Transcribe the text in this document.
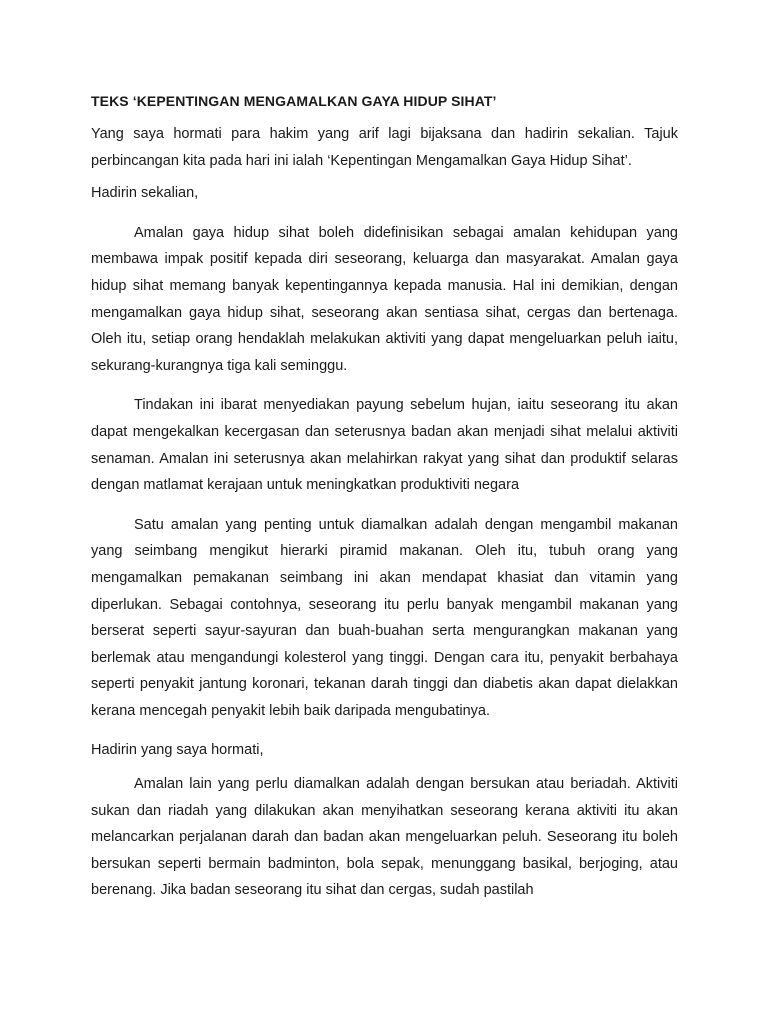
TEKS ‘KEPENTINGAN MENGAMALKAN GAYA HIDUP SIHAT’

Yang saya hormati para hakim yang arif lagi bijaksana dan hadirin sekalian. Tajuk perbincangan kita pada hari ini ialah ‘Kepentingan Mengamalkan Gaya Hidup Sihat’.

Hadirin sekalian,

Amalan gaya hidup sihat boleh didefinisikan sebagai amalan kehidupan yang membawa impak positif kepada diri seseorang, keluarga dan masyarakat. Amalan gaya hidup sihat memang banyak kepentingannya kepada manusia. Hal ini demikian, dengan mengamalkan gaya hidup sihat, seseorang akan sentiasa sihat, cergas dan bertenaga. Oleh itu, setiap orang hendaklah melakukan aktiviti yang dapat mengeluarkan peluh iaitu, sekurang-kurangnya tiga kali seminggu.

Tindakan ini ibarat menyediakan payung sebelum hujan, iaitu seseorang itu akan dapat mengekalkan kecergasan dan seterusnya badan akan menjadi sihat melalui aktiviti senaman. Amalan ini seterusnya akan melahirkan rakyat yang sihat dan produktif selaras dengan matlamat kerajaan untuk meningkatkan produktiviti negara

Satu amalan yang penting untuk diamalkan adalah dengan mengambil makanan yang seimbang mengikut hierarki piramid makanan. Oleh itu, tubuh orang yang mengamalkan pemakanan seimbang ini akan mendapat khasiat dan vitamin yang diperlukan. Sebagai contohnya, seseorang itu perlu banyak mengambil makanan yang berserat seperti sayur-sayuran dan buah-buahan serta mengurangkan makanan yang berlemak atau mengandungi kolesterol yang tinggi. Dengan cara itu, penyakit berbahaya seperti penyakit jantung koronari, tekanan darah tinggi dan diabetis akan dapat dielakkan kerana mencegah penyakit lebih baik daripada mengubatinya.

Hadirin yang saya hormati,

Amalan lain yang perlu diamalkan adalah dengan bersukan atau beriadah. Aktiviti sukan dan riadah yang dilakukan akan menyihatkan seseorang kerana aktiviti itu akan melancarkan perjalanan darah dan badan akan mengeluarkan peluh. Seseorang itu boleh bersukan seperti bermain badminton, bola sepak, menunggang basikal, berjoging, atau berenang. Jika badan seseorang itu sihat dan cergas, sudah pastilah
